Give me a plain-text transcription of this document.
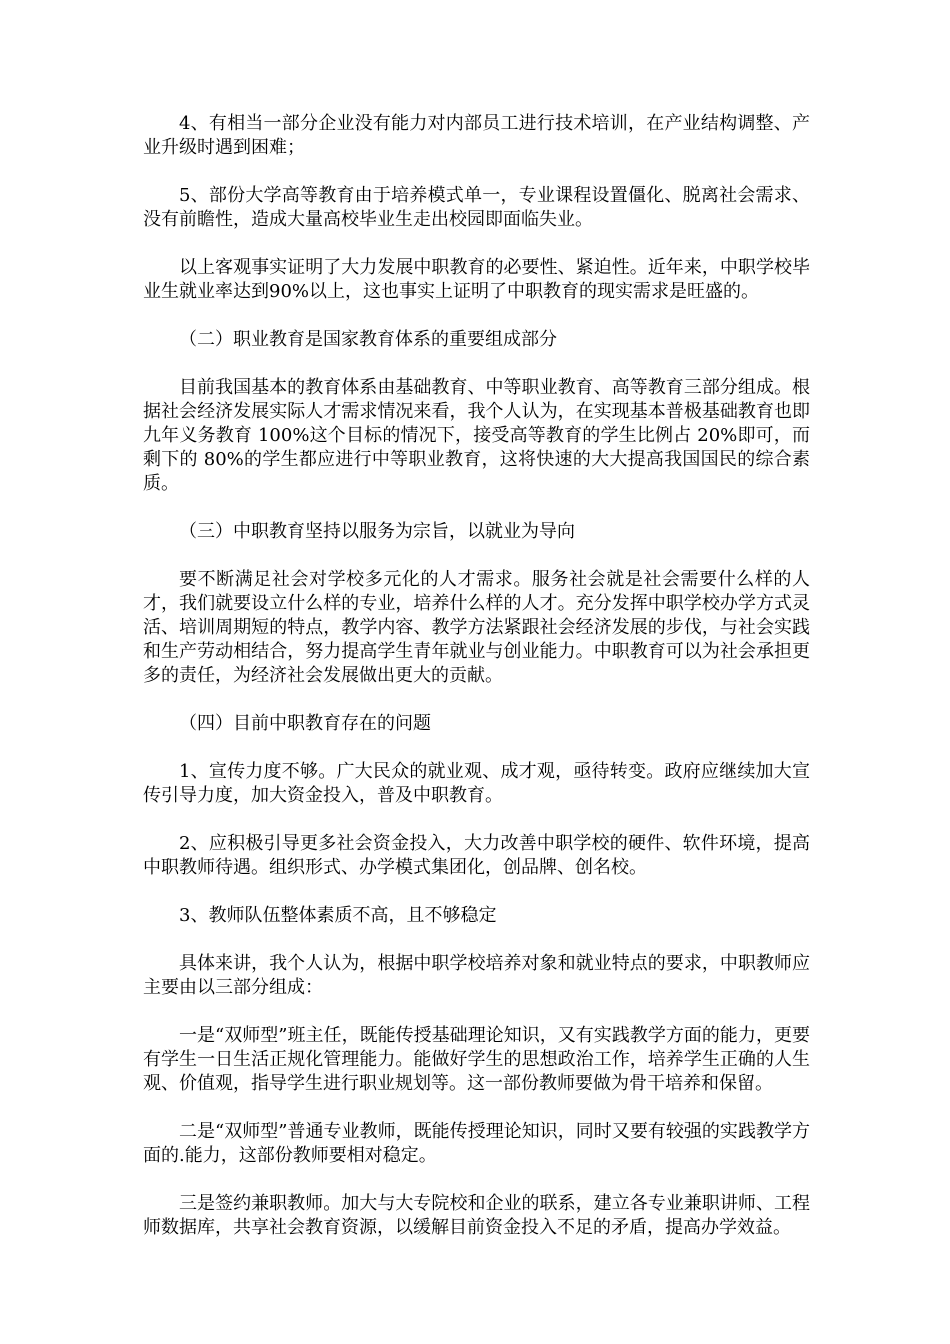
4、有相当一部分企业没有能力对内部员工进行技术培训，在产业结构调整、产业升级时遇到困难；

5、部份大学高等教育由于培养模式单一，专业课程设置僵化、脱离社会需求、没有前瞻性，造成大量高校毕业生走出校园即面临失业。

以上客观事实证明了大力发展中职教育的必要性、紧迫性。近年来，中职学校毕业生就业率达到90%以上，这也事实上证明了中职教育的现实需求是旺盛的。

（二）职业教育是国家教育体系的重要组成部分

目前我国基本的教育体系由基础教育、中等职业教育、高等教育三部分组成。根据社会经济发展实际人才需求情况来看，我个人认为，在实现基本普极基础教育也即九年义务教育 100%这个目标的情况下，接受高等教育的学生比例占 20%即可，而剩下的 80%的学生都应进行中等职业教育，这将快速的大大提高我国国民的综合素质。

（三）中职教育坚持以服务为宗旨，以就业为导向

要不断满足社会对学校多元化的人才需求。服务社会就是社会需要什么样的人才，我们就要设立什么样的专业，培养什么样的人才。充分发挥中职学校办学方式灵活、培训周期短的特点，教学内容、教学方法紧跟社会经济发展的步伐，与社会实践和生产劳动相结合，努力提高学生青年就业与创业能力。中职教育可以为社会承担更多的责任，为经济社会发展做出更大的贡献。

（四）目前中职教育存在的问题

1、宣传力度不够。广大民众的就业观、成才观，亟待转变。政府应继续加大宣传引导力度，加大资金投入，普及中职教育。

2、应积极引导更多社会资金投入，大力改善中职学校的硬件、软件环境，提高中职教师待遇。组织形式、办学模式集团化，创品牌、创名校。

3、教师队伍整体素质不高，且不够稳定

具体来讲，我个人认为，根据中职学校培养对象和就业特点的要求，中职教师应主要由以三部分组成：

一是“双师型”班主任，既能传授基础理论知识，又有实践教学方面的能力，更要有学生一日生活正规化管理能力。能做好学生的思想政治工作，培养学生正确的人生观、价值观，指导学生进行职业规划等。这一部份教师要做为骨干培养和保留。

二是“双师型”普通专业教师，既能传授理论知识，同时又要有较强的实践教学方面的.能力，这部份教师要相对稳定。

三是签约兼职教师。加大与大专院校和企业的联系，建立各专业兼职讲师、工程师数据库，共享社会教育资源，以缓解目前资金投入不足的矛盾，提高办学效益。
